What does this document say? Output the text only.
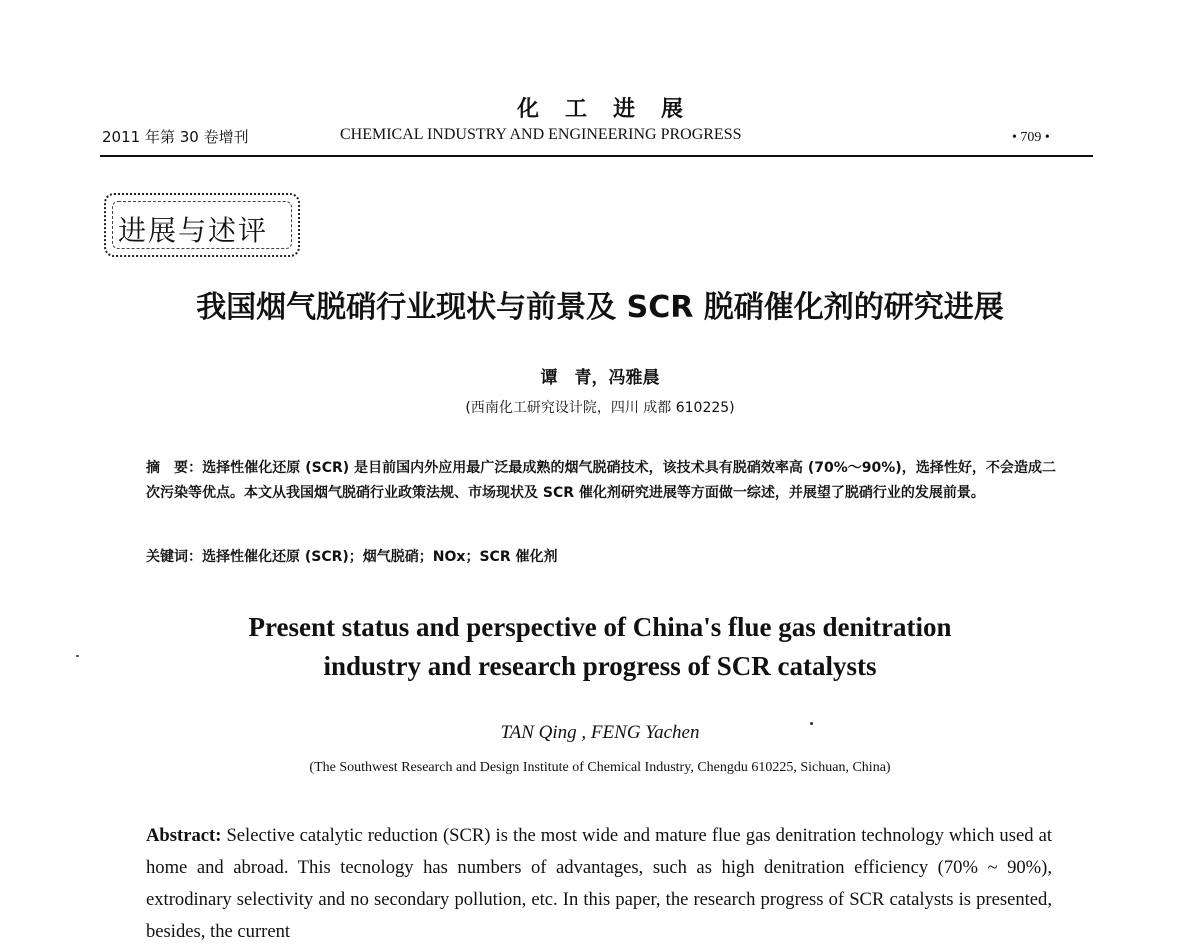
化工进展
2011 年第 30 卷增刊	CHEMICAL INDUSTRY AND ENGINEERING PROGRESS	• 709 •
进展与述评
我国烟气脱硝行业现状与前景及 SCR 脱硝催化剂的研究进展
谭　青，冯雅晨
(西南化工研究设计院，四川 成都 610225)
摘　要：选择性催化还原 (SCR) 是目前国内外应用最广泛最成熟的烟气脱硝技术，该技术具有脱硝效率高 (70%～90%)，选择性好，不会造成二次污染等优点。本文从我国烟气脱硝行业政策法规、市场现状及 SCR 催化剂研究进展等方面做一综述，并展望了脱硝行业的发展前景。
关键词：选择性催化还原 (SCR)；烟气脱硝；NOx；SCR 催化剂
Present status and perspective of China's flue gas denitration
industry and research progress of SCR catalysts
TAN Qing , FENG Yachen
(The Southwest Research and Design Institute of Chemical Industry, Chengdu 610225, Sichuan, China)
Abstract: Selective catalytic reduction (SCR) is the most wide and mature flue gas denitration technology which used at home and abroad. This tecnology has numbers of advantages, such as high denitration efficiency (70% ~ 90%), extrodinary selectivity and no secondary pollution, etc. In this paper, the research progress of SCR catalysts is presented, besides, the current
